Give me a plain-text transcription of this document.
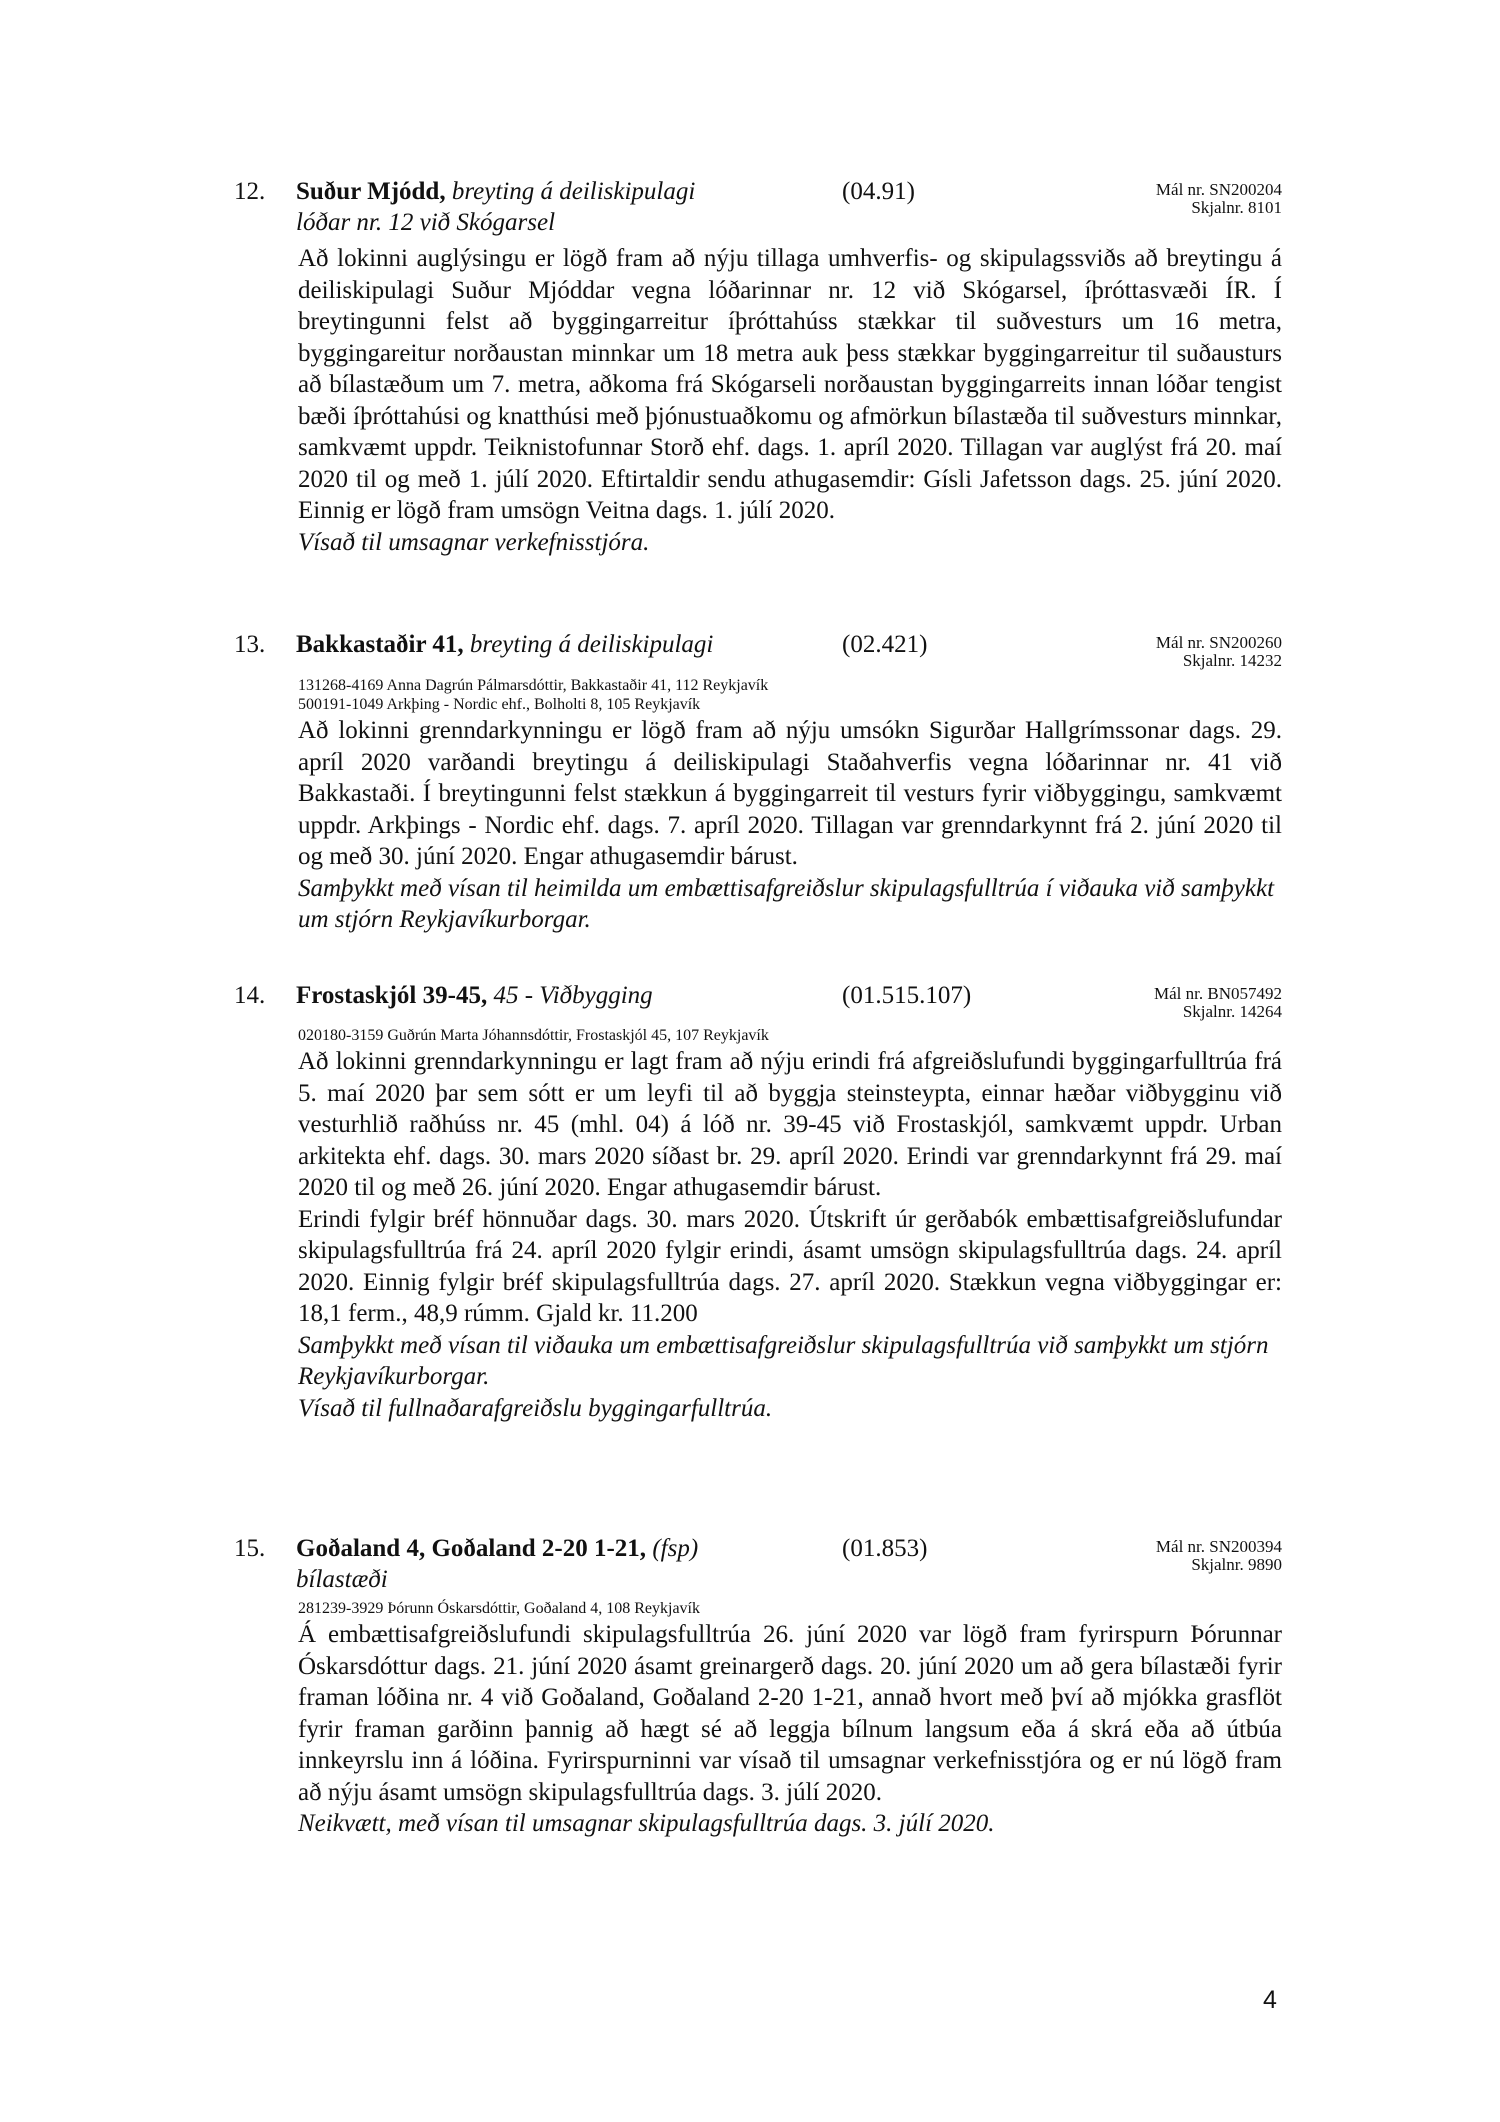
12. Suður Mjódd, breyting á deiliskipulagi	(04.91)	Mál nr. SN200204
Skjalnr. 8101
lóðar nr. 12 við Skógarsel

Að lokinni auglýsingu er lögð fram að nýju tillaga umhverfis- og skipulagssviðs að breytingu á deiliskipulagi Suður Mjóddar vegna lóðarinnar nr. 12 við Skógarsel, íþróttasvæði ÍR. Í breytingunni felst að byggingarreitur íþróttahúss stækkar til suðvesturs um 16 metra, byggingareitur norðaustan minnkar um 18 metra auk þess stækkar byggingarreitur til suðausturs að bílastæðum um 7. metra, aðkoma frá Skógarseli norðaustan byggingarreits innan lóðar tengist bæði íþróttahúsi og knatthúsi með þjónustuaðkomu og afmörkun bílastæða til suðvesturs minnkar, samkvæmt uppdr. Teiknistofunnar Storð ehf. dags. 1. apríl 2020. Tillagan var auglýst frá 20. maí 2020 til og með 1. júlí 2020. Eftirtaldir sendu athugasemdir: Gísli Jafetsson dags. 25. júní 2020. Einnig er lögð fram umsögn Veitna dags. 1. júlí 2020.

Vísað til umsagnar verkefnisstjóra.

13. Bakkastaðir 41, breyting á deiliskipulagi	(02.421)	Mál nr. SN200260
Skjalnr. 14232
131268-4169 Anna Dagrún Pálmarsdóttir, Bakkastaðir 41, 112 Reykjavík
500191-1049 Arkþing - Nordic ehf., Bolholti 8, 105 Reykjavík

Að lokinni grenndarkynningu er lögð fram að nýju umsókn Sigurðar Hallgrímssonar dags. 29. apríl 2020 varðandi breytingu á deiliskipulagi Staðahverfis vegna lóðarinnar nr. 41 við Bakkastaði. Í breytingunni felst stækkun á byggingarreit til vesturs fyrir viðbyggingu, samkvæmt uppdr. Arkþings - Nordic ehf. dags. 7. apríl 2020. Tillagan var grenndarkynnt frá 2. júní 2020 til og með 30. júní 2020. Engar athugasemdir bárust.

Samþykkt með vísan til heimilda um embættisafgreiðslur skipulagsfulltrúa í viðauka við samþykkt um stjórn Reykjavíkurborgar.

14. Frostaskjól 39-45, 45 - Viðbygging	(01.515.107)	Mál nr. BN057492
Skjalnr. 14264
020180-3159 Guðrún Marta Jóhannsdóttir, Frostaskjól 45, 107 Reykjavík

Að lokinni grenndarkynningu er lagt fram að nýju erindi frá afgreiðslufundi byggingarfulltrúa frá 5. maí 2020 þar sem sótt er um leyfi til að byggja steinsteypta, einnar hæðar viðbygginu við vesturhlið raðhúss nr. 45 (mhl. 04) á lóð nr. 39-45 við Frostaskjól, samkvæmt uppdr. Urban arkitekta ehf. dags. 30. mars 2020 síðast br. 29. apríl 2020. Erindi var grenndarkynnt frá 29. maí 2020 til og með 26. júní 2020. Engar athugasemdir bárust.

Erindi fylgir bréf hönnuðar dags. 30. mars 2020. Útskrift úr gerðabók embættisafgreiðslufundar skipulagsfulltrúa frá 24. apríl 2020 fylgir erindi, ásamt umsögn skipulagsfulltrúa dags. 24. apríl 2020. Einnig fylgir bréf skipulagsfulltrúa dags. 27. apríl 2020. Stækkun vegna viðbyggingar er: 18,1 ferm., 48,9 rúmm. Gjald kr. 11.200

Samþykkt með vísan til viðauka um embættisafgreiðslur skipulagsfulltrúa við samþykkt um stjórn Reykjavíkurborgar.

Vísað til fullnaðarafgreiðslu byggingarfulltrúa.

15. Goðaland 4, Goðaland 2-20 1-21, (fsp)	(01.853)	Mál nr. SN200394
Skjalnr. 9890
bílastæði
281239-3929 Þórunn Óskarsdóttir, Goðaland 4, 108 Reykjavík

Á embættisafgreiðslufundi skipulagsfulltrúa 26. júní 2020 var lögð fram fyrirspurn Þórunnar Óskarsdóttur dags. 21. júní 2020 ásamt greinargerð dags. 20. júní 2020 um að gera bílastæði fyrir framan lóðina nr. 4 við Goðaland, Goðaland 2-20 1-21, annað hvort með því að mjókka grasflöt fyrir framan garðinn þannig að hægt sé að leggja bílnum langsum eða á skrá eða að útbúa innkeyrslu inn á lóðina. Fyrirspurninni var vísað til umsagnar verkefnisstjóra og er nú lögð fram að nýju ásamt umsögn skipulagsfulltrúa dags. 3. júlí 2020.

Neikvætt, með vísan til umsagnar skipulagsfulltrúa dags. 3. júlí 2020.

4
